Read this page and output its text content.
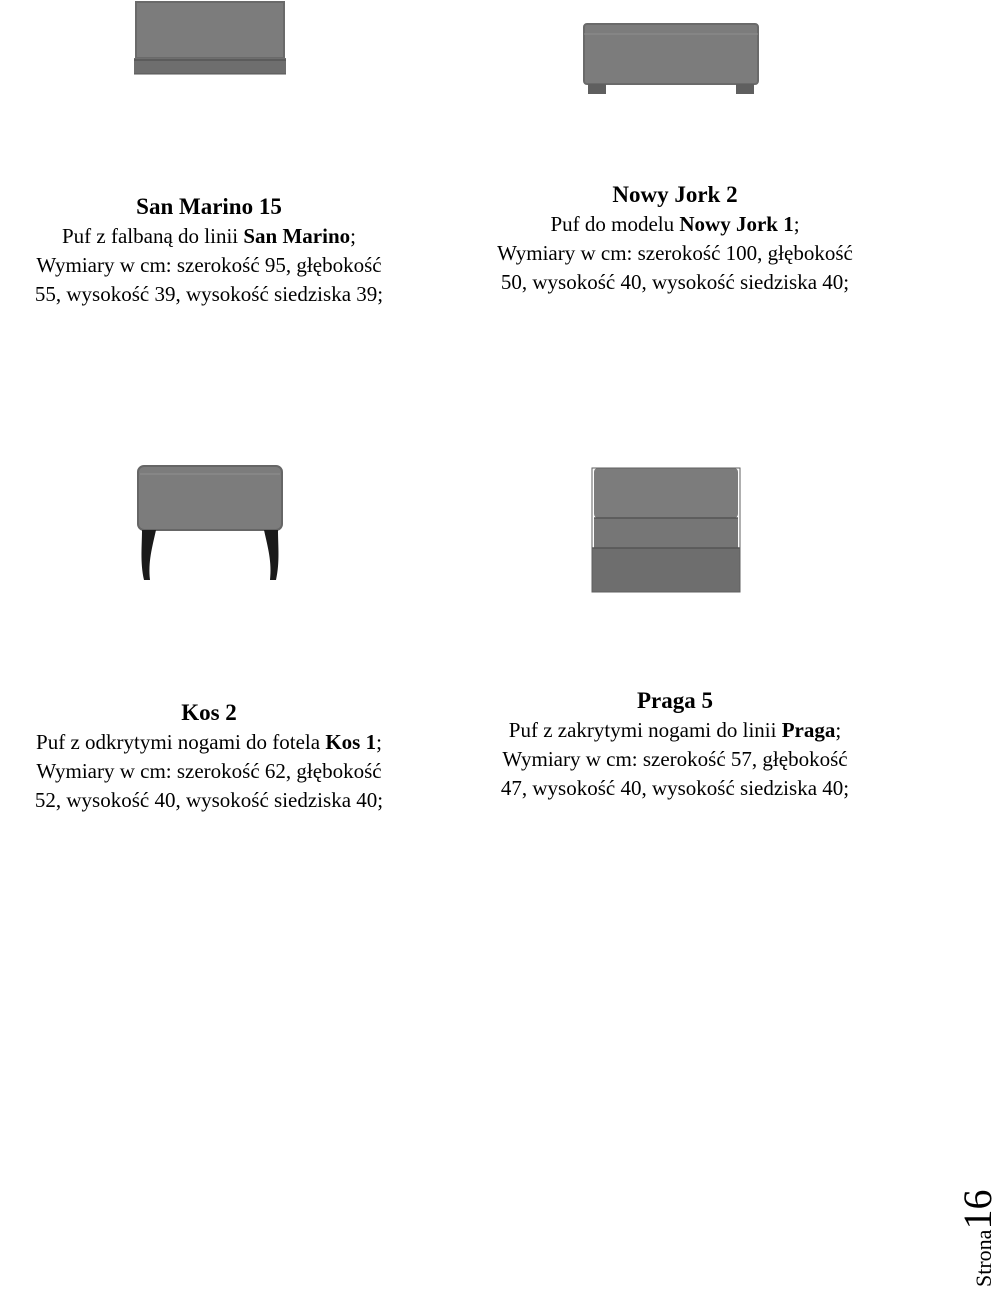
San Marino 15
Puf z falbaną do linii San Marino;
Wymiary w cm: szerokość 95, głębokość
55, wysokość 39, wysokość siedziska 39;
Nowy Jork 2
Puf do modelu Nowy Jork 1;
Wymiary w cm: szerokość 100, głębokość
50, wysokość 40, wysokość siedziska 40;
Kos 2
Puf z odkrytymi nogami do fotela Kos 1;
Wymiary w cm: szerokość 62, głębokość
52, wysokość 40, wysokość siedziska 40;
Praga 5
Puf z zakrytymi nogami do linii Praga;
Wymiary w cm: szerokość 57, głębokość
47, wysokość 40, wysokość siedziska 40;
Strona16
